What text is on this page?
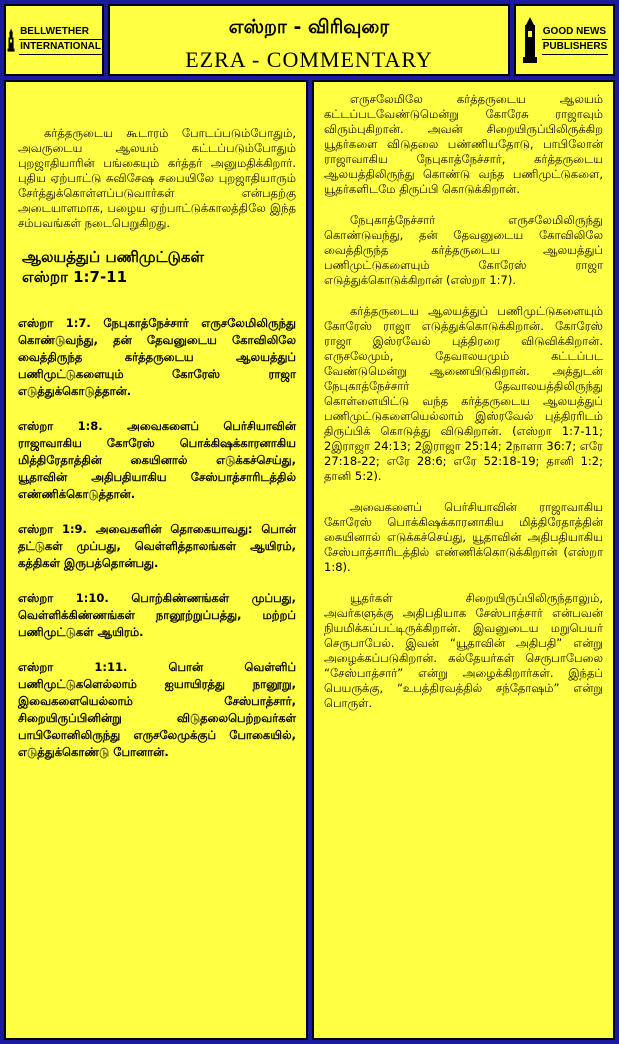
BELLWETHER
INTERNATIONAL
எஸ்றா - விரிவுரை
EZRA - COMMENTARY
GOOD NEWS
PUBLISHERS

கர்த்தருடைய கூடாரம் போடப்படும்போதும், அவருடைய ஆலயம் கட்டப்படும்போதும் புறஜாதியாரின் பங்கையும் கர்த்தர் அனுமதிக்கிறார். புதிய ஏற்பாட்டு சுவிசேஷ சபையிலே புறஜாதியாரும் சேர்த்துக்கொள்ளப்படுவார்கள் என்பதற்கு அடையாளமாக, பழைய ஏற்பாட்டுக்காலத்திலே இந்த சம்பவங்கள் நடைபெறுகிறது.

ஆலயத்துப் பணிமுட்டுகள்
எஸ்றா 1:7-11
எஸ்றா 1:7. நேபுகாத்நேச்சார் எருசலேமிலிருந்து கொண்டுவந்து, தன் தேவனுடைய கோவிலிலே வைத்திருந்த கர்த்தருடைய ஆலயத்துப் பணிமுட்டுகளையும் கோரேஸ் ராஜா எடுத்துக்கொடுத்தான்.
எஸ்றா 1:8. அவைகளைப் பெர்சியாவின் ராஜாவாகிய கோரேஸ் பொக்கிஷக்காரனாகிய மித்திரேதாத்தின் கையினால் எடுக்கச்செய்து, யூதாவின் அதிபதியாகிய சேஸ்பாத்சாரிடத்தில் எண்ணிக்கொடுத்தான்.
எஸ்றா 1:9. அவைகளின் தொகையாவது: பொன் தட்டுகள் முப்பது, வெள்ளித்தாலங்கள் ஆயிரம், கத்திகள் இருபத்தொன்பது.
எஸ்றா 1:10. பொற்கிண்ணங்கள் முப்பது, வெள்ளிக்கிண்ணங்கள் நானூற்றுப்பத்து, மற்றப் பணிமுட்டுகள் ஆயிரம்.
எஸ்றா 1:11. பொன் வெள்ளிப் பணிமுட்டுகளெல்லாம் ஐயாயிரத்து நானூறு, இவைகளையெல்லாம் சேஸ்பாத்சார், சிறையிருப்பினின்று விடுதலைபெற்றவர்கள் பாபிலோனிலிருந்து எருசலேமுக்குப் போகையில், எடுத்துக்கொண்டு போனான்.

எருசலேமிலே கர்த்தருடைய ஆலயம் கட்டப்படவேண்டுமென்று கோரேசு ராஜாவும் விரும்புகிறான். அவன் சிறையிருப்பிலிருக்கிற யூதர்களை விடுதலை பண்ணியதோடு, பாபிலோன் ராஜாவாகிய நேபுகாத்நேச்சார், கர்த்தருடைய ஆலயத்திலிருந்து கொண்டு வந்த பணிமுட்டுகளை, யூதர்களிடமே திருப்பி கொடுக்கிறான்.

நேபுகாத்நேச்சார் எருசலேமிலிருந்து கொண்டுவந்து, தன் தேவனுடைய கோவிலிலே வைத்திருந்த கர்த்தருடைய ஆலயத்துப் பணிமுட்டுகளையும் கோரேஸ் ராஜா எடுத்துக்கொடுக்கிறான் (எஸ்றா 1:7).

கர்த்தருடைய ஆலயத்துப் பணிமுட்டுகளையும் கோரேஸ் ராஜா எடுத்துக்கொடுக்கிறான். கோரேஸ் ராஜா இஸ்ரவேல் புத்திரரை விடுவிக்கிறான். எருசலேமும், தேவாலயமும் கட்டப்பட வேண்டுமென்று ஆணையிடுகிறான். அத்துடன் நேபுகாத்நேச்சார் தேவாலயத்திலிருந்து கொள்ளையிட்டு வந்த கர்த்தருடைய ஆலயத்துப் பணிமுட்டுகளையெல்லாம் இஸ்ரவேல் புத்திரரிடம் திருப்பிக் கொடுத்து விடுகிறான். (எஸ்றா 1:7-11; 2இராஜா 24:13; 2இராஜா 25:14; 2நாளா 36:7; எரே 27:18-22; எரே 28:6; எரே 52:18-19; தானி 1:2; தானி 5:2).

அவைகளைப் பெர்சியாவின் ராஜாவாகிய கோரேஸ் பொக்கிஷக்காரனாகிய மித்திரேதாத்தின் கையினால் எடுக்கச்செய்து, யூதாவின் அதிபதியாகிய சேஸ்பாத்சாரிடத்தில் எண்ணிக்கொடுக்கிறான் (எஸ்றா 1:8).

யூதர்கள் சிறையிருப்பிலிருந்தாலும், அவர்களுக்கு அதிபதியாக சேஸ்பாத்சார் என்பவன் நியமிக்கப்பட்டிருக்கிறான். இவனுடைய மறுபெயர் செருபாபேல். இவன் “யூதாவின் அதிபதி” என்று அழைக்கப்படுகிறான். கல்தேயர்கள் செருபாபேலை “சேஸ்பாத்சார்” என்று அழைக்கிறார்கள். இந்தப் பெயருக்கு, “உபத்திரவத்தில் சந்தோஷம்” என்று பொருள்.
